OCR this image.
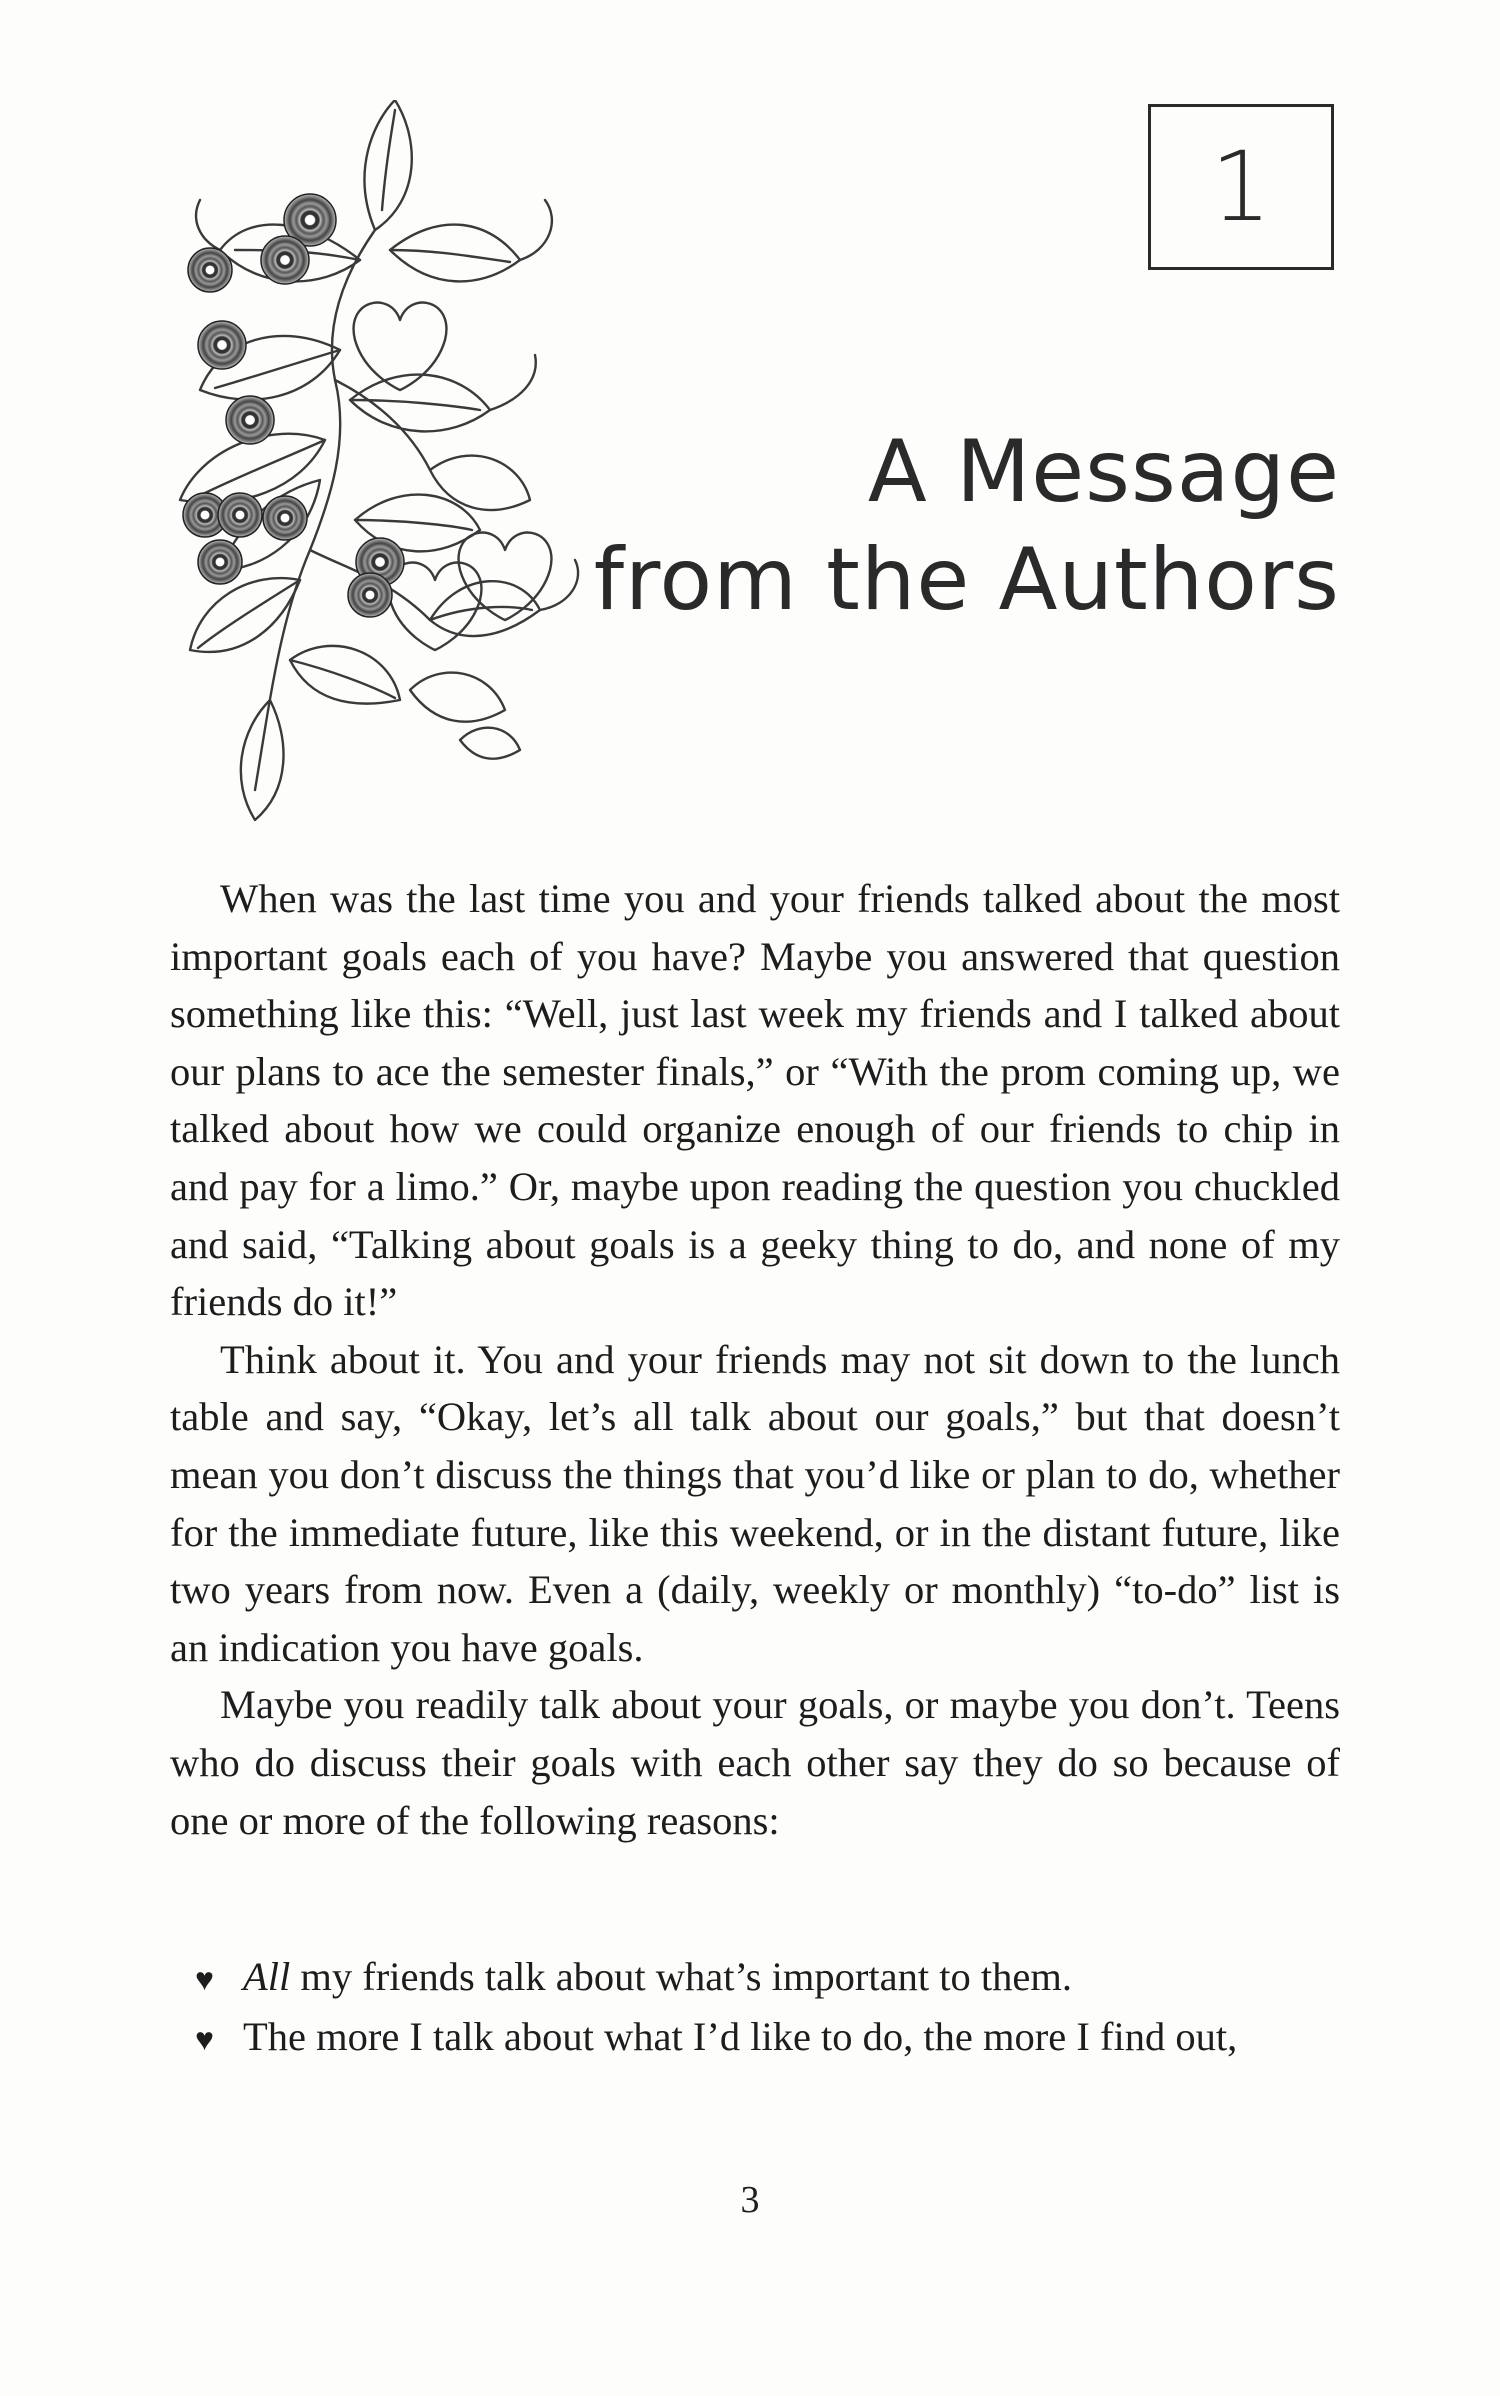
1
A Message
from the Authors

When was the last time you and your friends talked about the most important goals each of you have? Maybe you answered that question something like this: “Well, just last week my friends and I talked about our plans to ace the semester finals,” or “With the prom coming up, we talked about how we could organize enough of our friends to chip in and pay for a limo.” Or, maybe upon reading the question you chuckled and said, “Talking about goals is a geeky thing to do, and none of my friends do it!”

Think about it. You and your friends may not sit down to the lunch table and say, “Okay, let’s all talk about our goals,” but that doesn’t mean you don’t discuss the things that you’d like or plan to do, whether for the immediate future, like this weekend, or in the distant future, like two years from now. Even a (daily, weekly or monthly) “to-do” list is an indication you have goals.

Maybe you readily talk about your goals, or maybe you don’t. Teens who do discuss their goals with each other say they do so because of one or more of the following reasons:

♥ All my friends talk about what’s important to them.
♥ The more I talk about what I’d like to do, the more I find out,
3
